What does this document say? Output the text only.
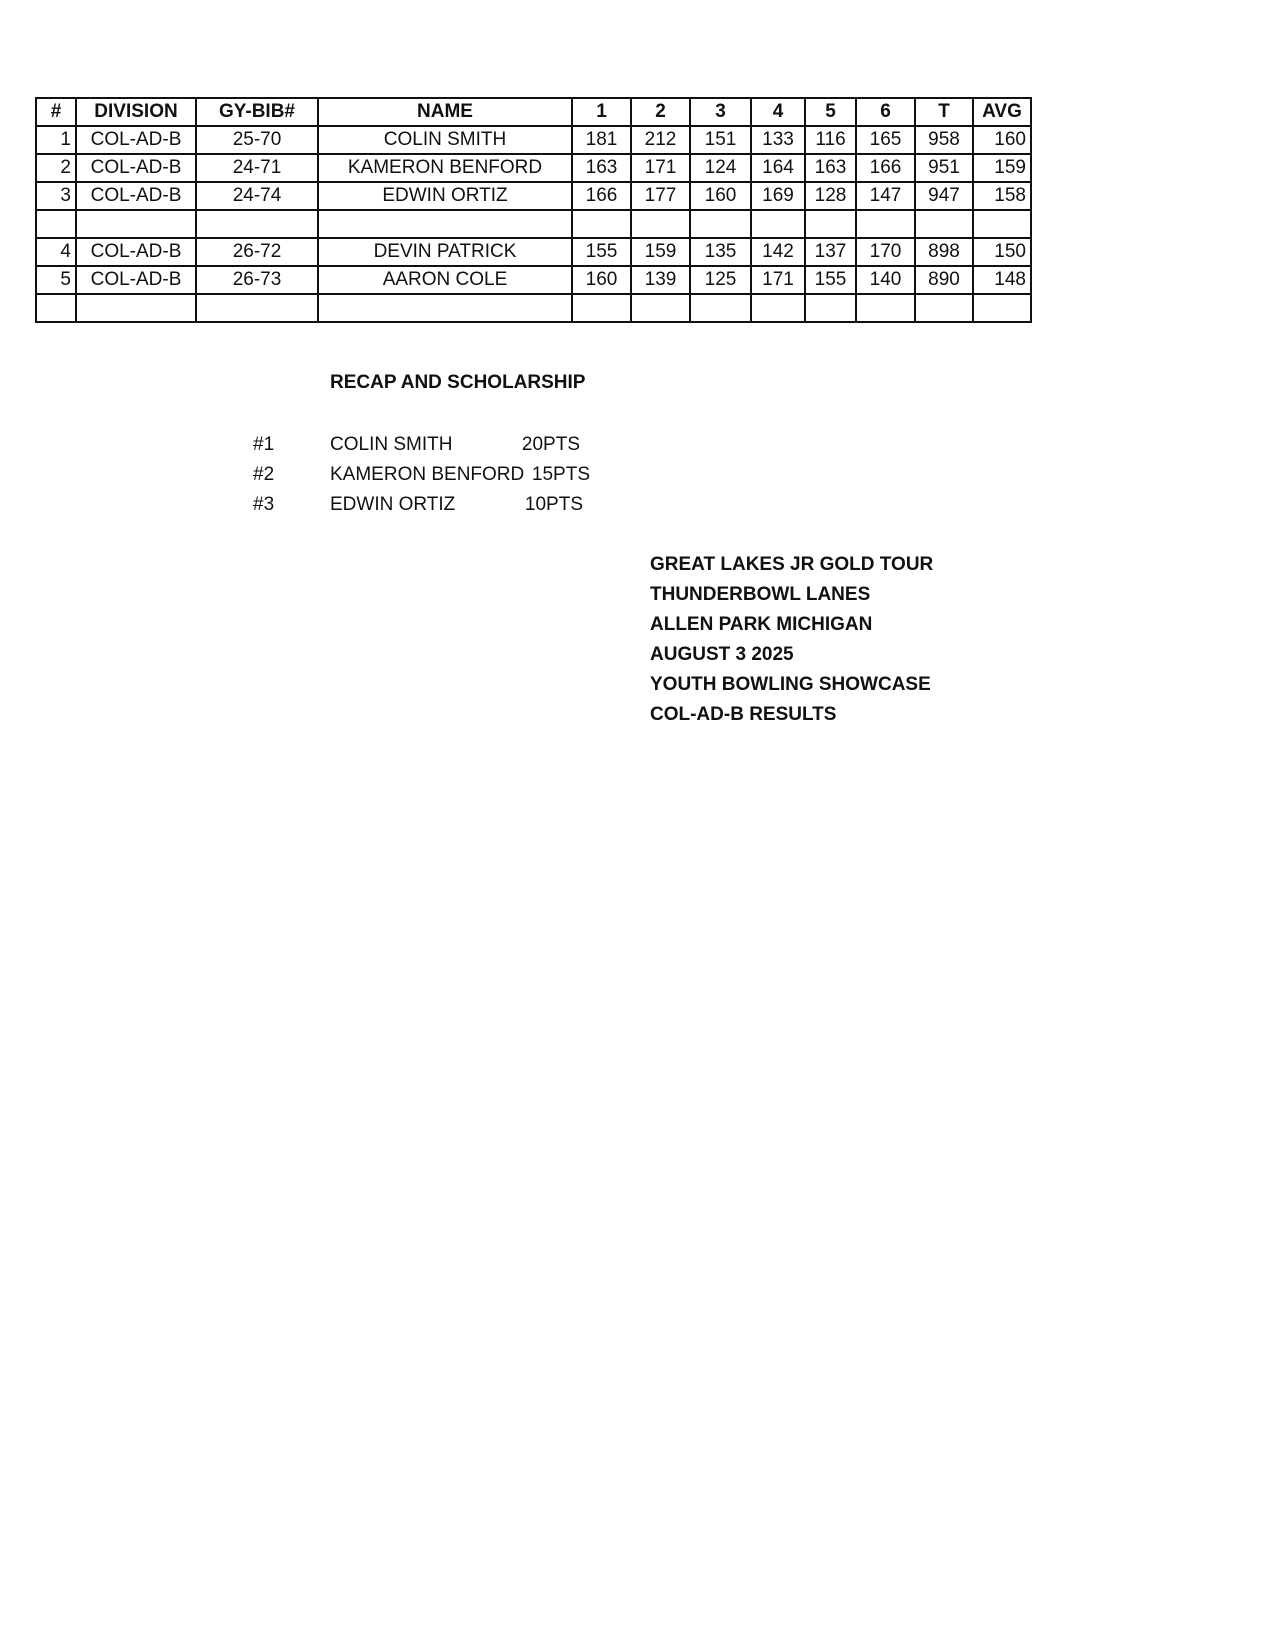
#	DIVISION	GY-BIB#	NAME	1	2	3	4	5	6	T	AVG
1	COL-AD-B	25-70	COLIN SMITH	181	212	151	133	116	165	958	160
2	COL-AD-B	24-71	KAMERON BENFORD	163	171	124	164	163	166	951	159
3	COL-AD-B	24-74	EDWIN ORTIZ	166	177	160	169	128	147	947	158

4	COL-AD-B	26-72	DEVIN PATRICK	155	159	135	142	137	170	898	150
5	COL-AD-B	26-73	AARON COLE	160	139	125	171	155	140	890	148

RECAP AND SCHOLARSHIP
#1	COLIN SMITH	20PTS
#2	KAMERON BENFORD 15PTS
#3	EDWIN ORTIZ	10PTS
GREAT LAKES JR GOLD TOUR
THUNDERBOWL LANES
ALLEN PARK MICHIGAN
AUGUST 3 2025
YOUTH BOWLING SHOWCASE
COL-AD-B RESULTS
